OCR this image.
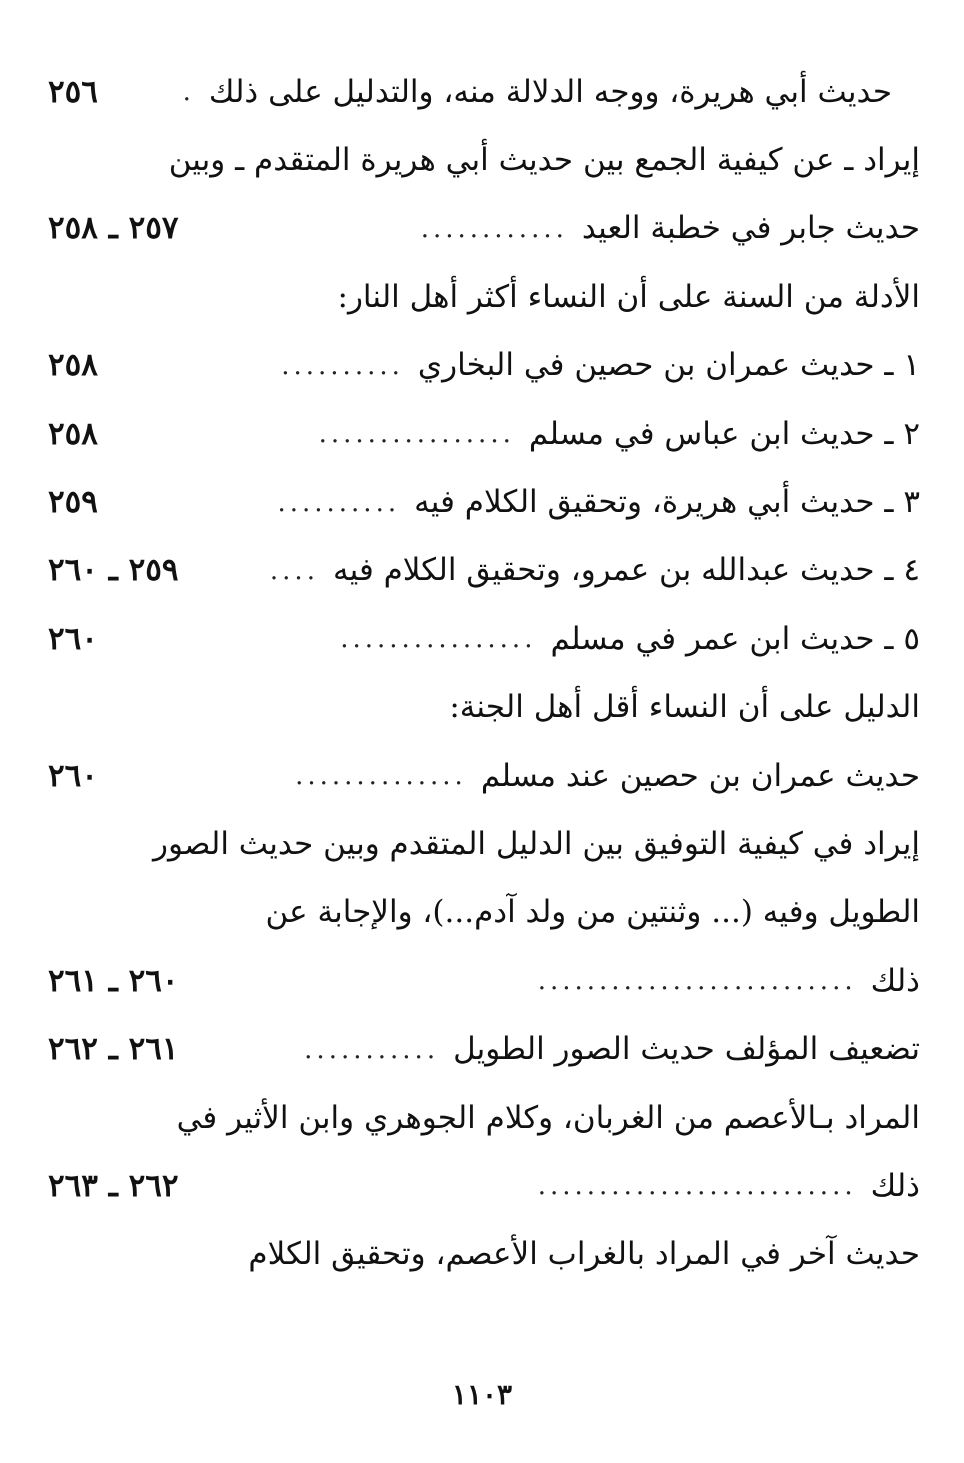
حديث أبي هريرة، ووجه الدلالة منه، والتدليل على ذلك
.
٢٥٦
إيراد ـ عن كيفية الجمع بين حديث أبي هريرة المتقدم ـ وبين
حديث جابر في خطبة العيد
............
٢٥٧ ـ ٢٥٨
الأدلة من السنة على أن النساء أكثر أهل النار:
١ ـ حديث عمران بن حصين في البخاري
..........
٢٥٨
٢ ـ حديث ابن عباس في مسلم
................
٢٥٨
٣ ـ حديث أبي هريرة، وتحقيق الكلام فيه
..........
٢٥٩
٤ ـ حديث عبدالله بن عمرو، وتحقيق الكلام فيه
....
٢٥٩ ـ ٢٦٠
٥ ـ حديث ابن عمر في مسلم
................
٢٦٠
الدليل على أن النساء أقل أهل الجنة:
حديث عمران بن حصين عند مسلم
..............
٢٦٠
إيراد في كيفية التوفيق بين الدليل المتقدم وبين حديث الصور
الطويل وفيه (... وثنتين من ولد آدم...)، والإجابة عن
ذلك
..........................
٢٦٠ ـ ٢٦١
تضعيف المؤلف حديث الصور الطويل
...........
٢٦١ ـ ٢٦٢
المراد بـالأعصم من الغربان، وكلام الجوهري وابن الأثير في
ذلك
..........................
٢٦٢ ـ ٢٦٣
حديث آخر في المراد بالغراب الأعصم، وتحقيق الكلام
١١٠٣
